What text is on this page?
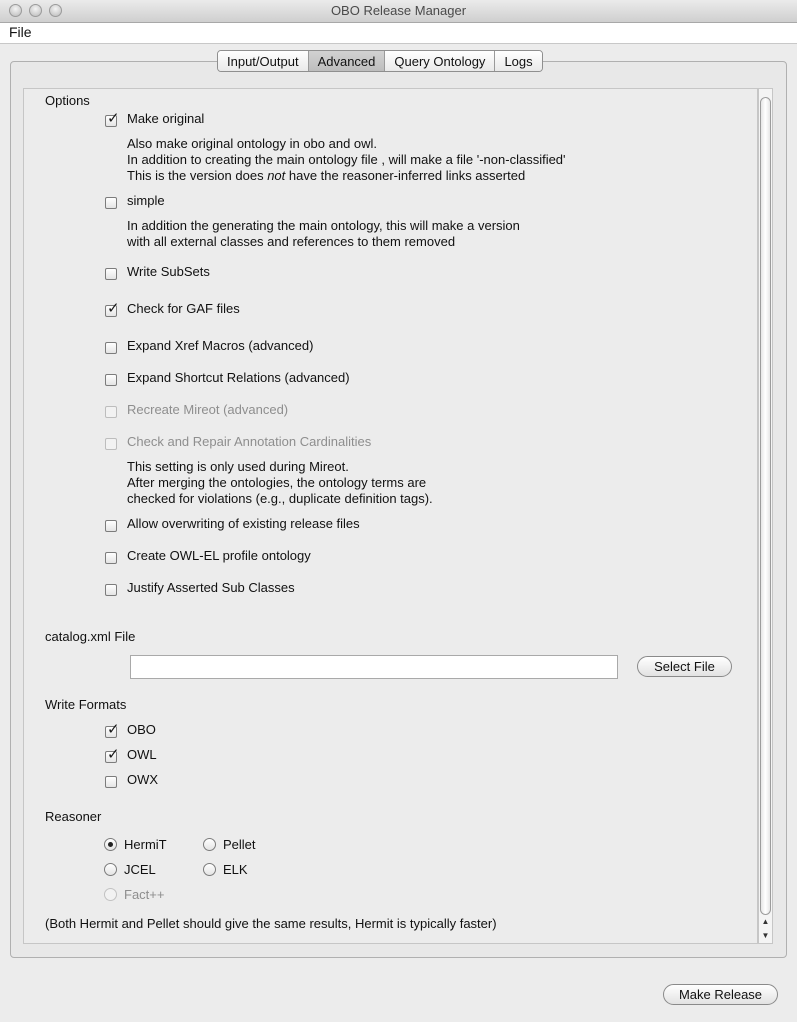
OBO Release Manager
File
Input/Output	Advanced	Query Ontology	Logs
▲
▼
Options
✓ Make original
Also make original ontology in obo and owl.
In addition to creating the main ontology file , will make a file '-non-classified'
This is the version does not have the reasoner-inferred links asserted
simple
In addition the generating the main ontology, this will make a version
with all external classes and references to them removed
Write SubSets
✓ Check for GAF files
Expand Xref Macros (advanced)
Expand Shortcut Relations (advanced)
Recreate Mireot (advanced)
Check and Repair Annotation Cardinalities
This setting is only used during Mireot.
After merging the ontologies, the ontology terms are
checked for violations (e.g., duplicate definition tags).
Allow overwriting of existing release files
Create OWL-EL profile ontology
Justify Asserted Sub Classes
catalog.xml File
Select File
Write Formats
✓ OBO
✓ OWL
OWX
Reasoner
HermiT	Pellet
JCEL	ELK
Fact++
(Both Hermit and Pellet should give the same results, Hermit is typically faster)
Make Release
